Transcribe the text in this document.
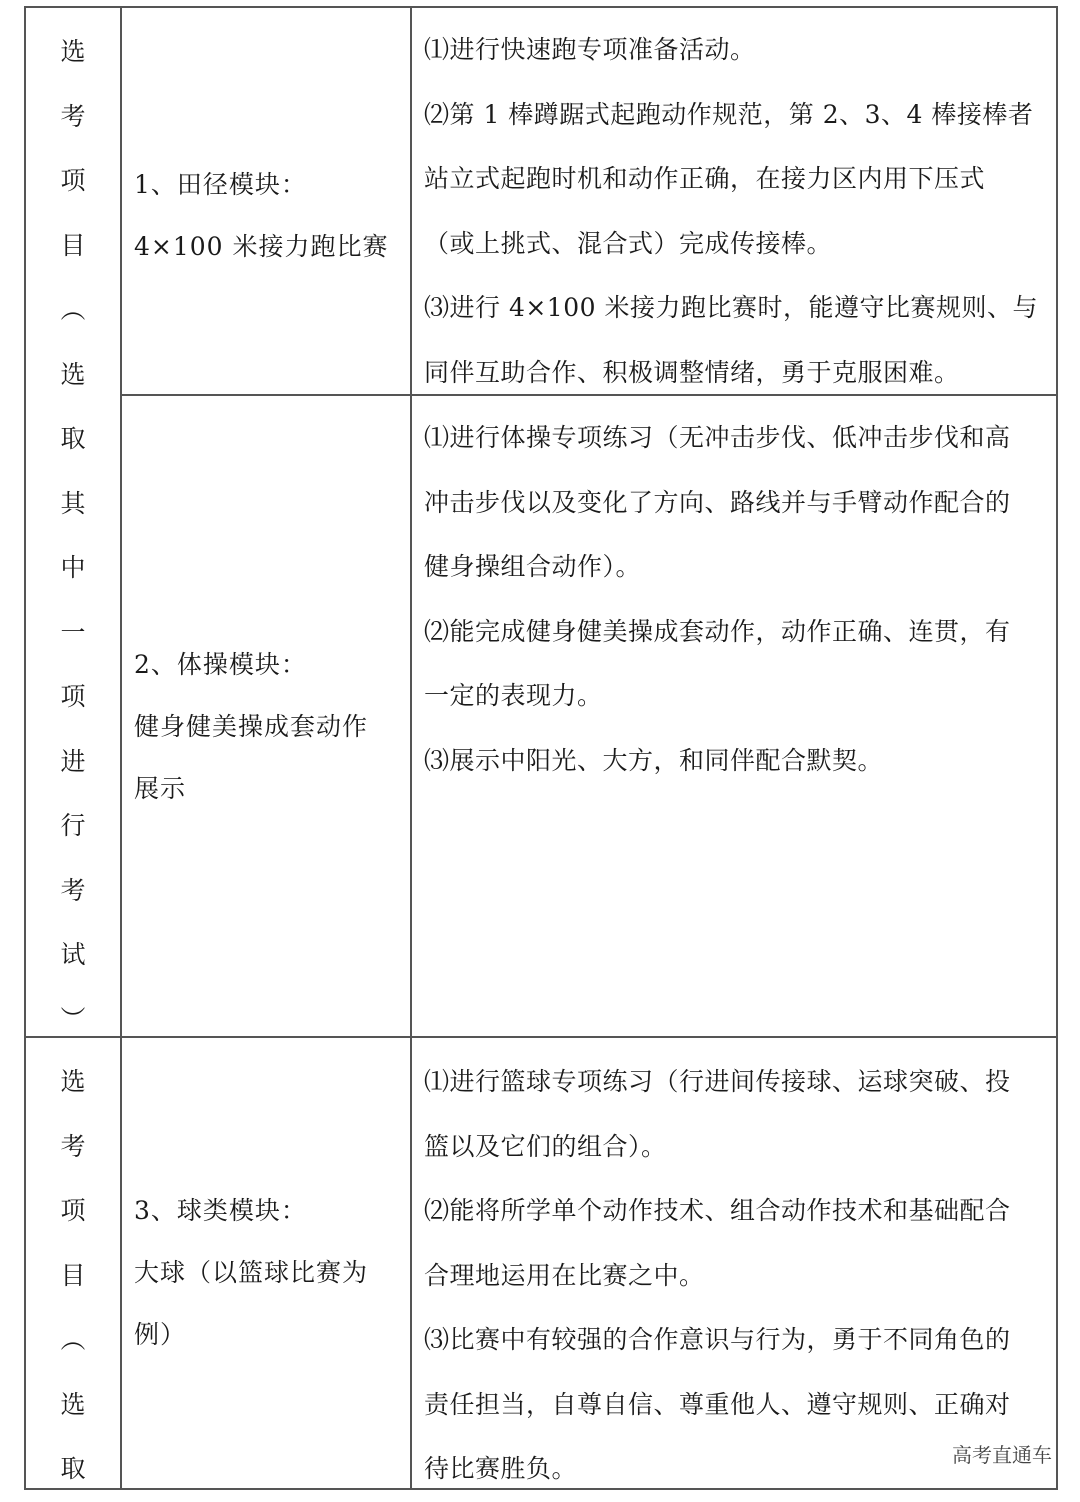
选
考
项
目
︵
选
取
其
中
一
项
进
行
考
试
︶
1、田径模块：
4×100 米接力跑比赛

⑴进行快速跑专项准备活动。

⑵第 1 棒蹲踞式起跑动作规范，第 2、3、4 棒接棒者

站立式起跑时机和动作正确，在接力区内用下压式

（或上挑式、混合式）完成传接棒。

⑶进行 4×100 米接力跑比赛时，能遵守比赛规则、与

同伴互助合作、积极调整情绪，勇于克服困难。

2、体操模块：
健身健美操成套动作
展示

⑴进行体操专项练习（无冲击步伐、低冲击步伐和高

冲击步伐以及变化了方向、路线并与手臂动作配合的

健身操组合动作）。

⑵能完成健身健美操成套动作，动作正确、连贯，有

一定的表现力。

⑶展示中阳光、大方，和同伴配合默契。

选
考
项
目
︵
选
取
3、球类模块：
大球（以篮球比赛为
例）

⑴进行篮球专项练习（行进间传接球、运球突破、投

篮以及它们的组合）。

⑵能将所学单个动作技术、组合动作技术和基础配合

合理地运用在比赛之中。

⑶比赛中有较强的合作意识与行为，勇于不同角色的

责任担当，自尊自信、尊重他人、遵守规则、正确对

待比赛胜负。	高考直通车
